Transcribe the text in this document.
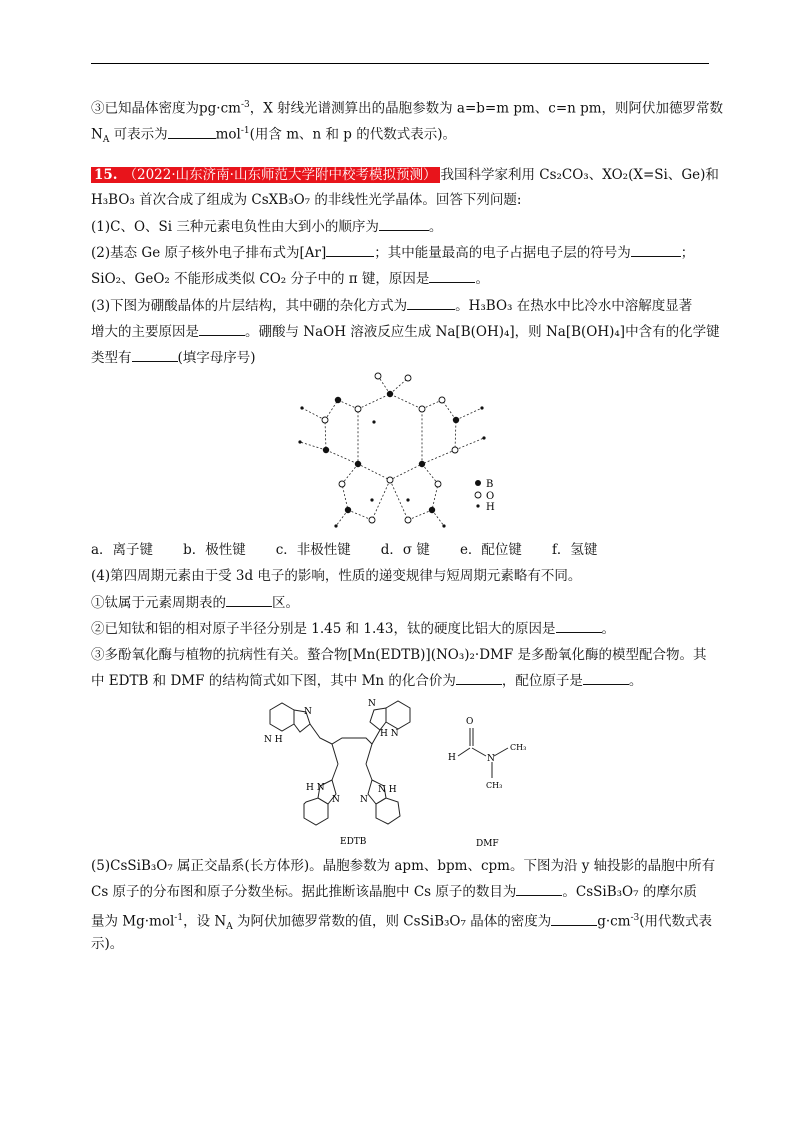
③已知晶体密度为$pg\cdot cm^{-3}$，X 射线光谱测算出的晶胞参数为 a=b=m pm、c=n pm，则阿伏加德罗常数
$N_A$ 可表示为	mol$^{-1}$(用含 m、n 和 p 的代数式表示)。
15. （2022·山东济南·山东师范大学附中校考模拟预测） 我国科学家利用 Cs₂CO₃、XO₂(X=Si、Ge)和
H₃BO₃ 首次合成了组成为 CsXB₃O₇ 的非线性光学晶体。回答下列问题:
(1)C、O、Si 三种元素电负性由大到小的顺序为	。
(2)基态 Ge 原子核外电子排布式为[Ar]	；其中能量最高的电子占据电子层的符号为	；
SiO₂、GeO₂ 不能形成类似 CO₂ 分子中的 π 键，原因是	。
(3)下图为硼酸晶体的片层结构，其中硼的杂化方式为	。H₃BO₃ 在热水中比冷水中溶解度显著
增大的主要原因是	。硼酸与 NaOH 溶液反应生成 Na[B(OH)₄]，则 Na[B(OH)₄]中含有的化学键
类型有	(填字母序号)
B
O
H
a．离子键 b．极性键 c．非极性键 d．σ 键 e．配位键 f．氢键
(4)第四周期元素由于受 3d 电子的影响，性质的递变规律与短周期元素略有不同。
①钛属于元素周期表的	区。
②已知钛和铝的相对原子半径分别是 1.45 和 1.43，钛的硬度比铝大的原因是	。
③多酚氧化酶与植物的抗病性有关。螯合物[Mn(EDTB)](NO₃)₂·DMF 是多酚氧化酶的模型配合物。其
中 EDTB 和 DMF 的结构简式如下图，其中 Mn 的化合价为	，配位原子是	。
N H
N
H N
N
H N
N
N H
N
EDTB
O
H	N
CH₃
CH₃
DMF
(5)CsSiB₃O₇ 属正交晶系(长方体形)。晶胞参数为 apm、bpm、cpm。下图为沿 y 轴投影的晶胞中所有
Cs 原子的分布图和原子分数坐标。据此推断该晶胞中 Cs 原子的数目为	。CsSiB₃O₇ 的摩尔质
量为 Mg·mol$^{-1}$，设 $N_A$ 为阿伏加德罗常数的值，则 CsSiB₃O₇ 晶体的密度为	$g\cdot cm^{-3}$(用代数式表
示)。
